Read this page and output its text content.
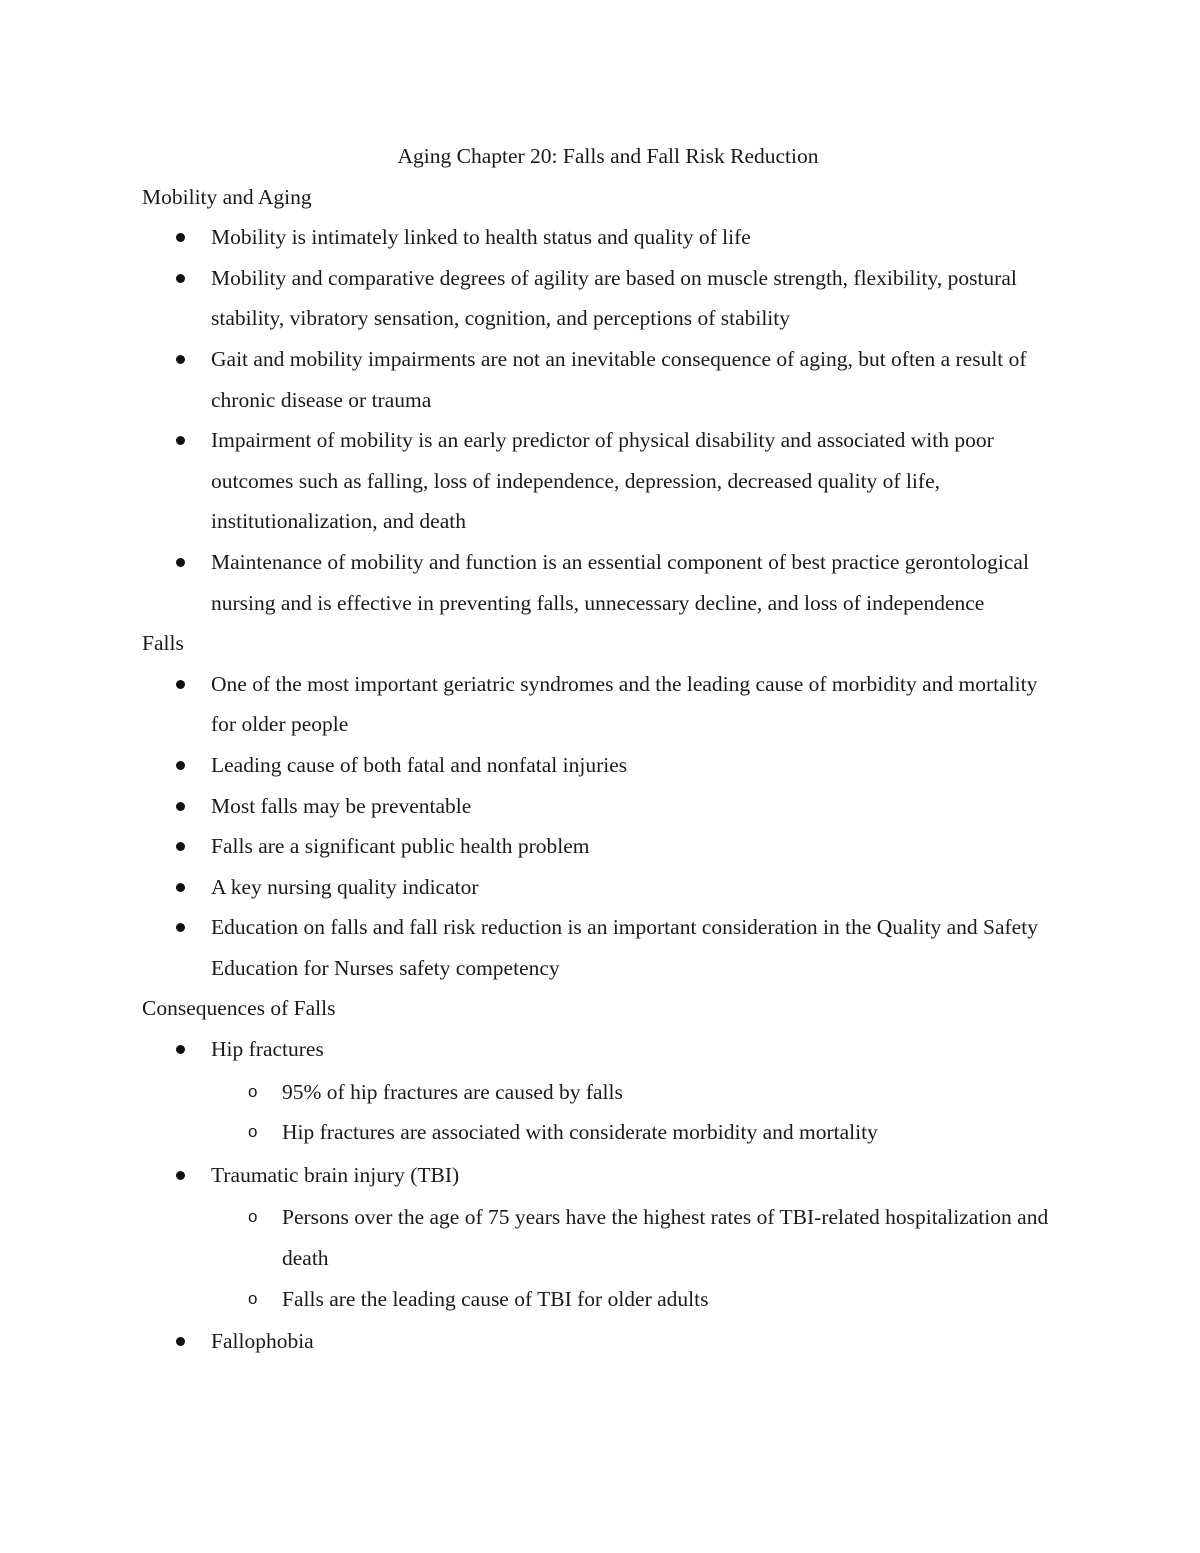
Aging Chapter 20: Falls and Fall Risk Reduction
Mobility and Aging
Mobility is intimately linked to health status and quality of life
Mobility and comparative degrees of agility are based on muscle strength, flexibility, postural stability, vibratory sensation, cognition, and perceptions of stability
Gait and mobility impairments are not an inevitable consequence of aging, but often a result of chronic disease or trauma
Impairment of mobility is an early predictor of physical disability and associated with poor outcomes such as falling, loss of independence, depression, decreased quality of life, institutionalization, and death
Maintenance of mobility and function is an essential component of best practice gerontological nursing and is effective in preventing falls, unnecessary decline, and loss of independence
Falls
One of the most important geriatric syndromes and the leading cause of morbidity and mortality for older people
Leading cause of both fatal and nonfatal injuries
Most falls may be preventable
Falls are a significant public health problem
A key nursing quality indicator
Education on falls and fall risk reduction is an important consideration in the Quality and Safety Education for Nurses safety competency
Consequences of Falls
Hip fractures
o 95% of hip fractures are caused by falls
o Hip fractures are associated with considerate morbidity and mortality
Traumatic brain injury (TBI)
o Persons over the age of 75 years have the highest rates of TBI-related hospitalization and death
o Falls are the leading cause of TBI for older adults
Fallophobia
